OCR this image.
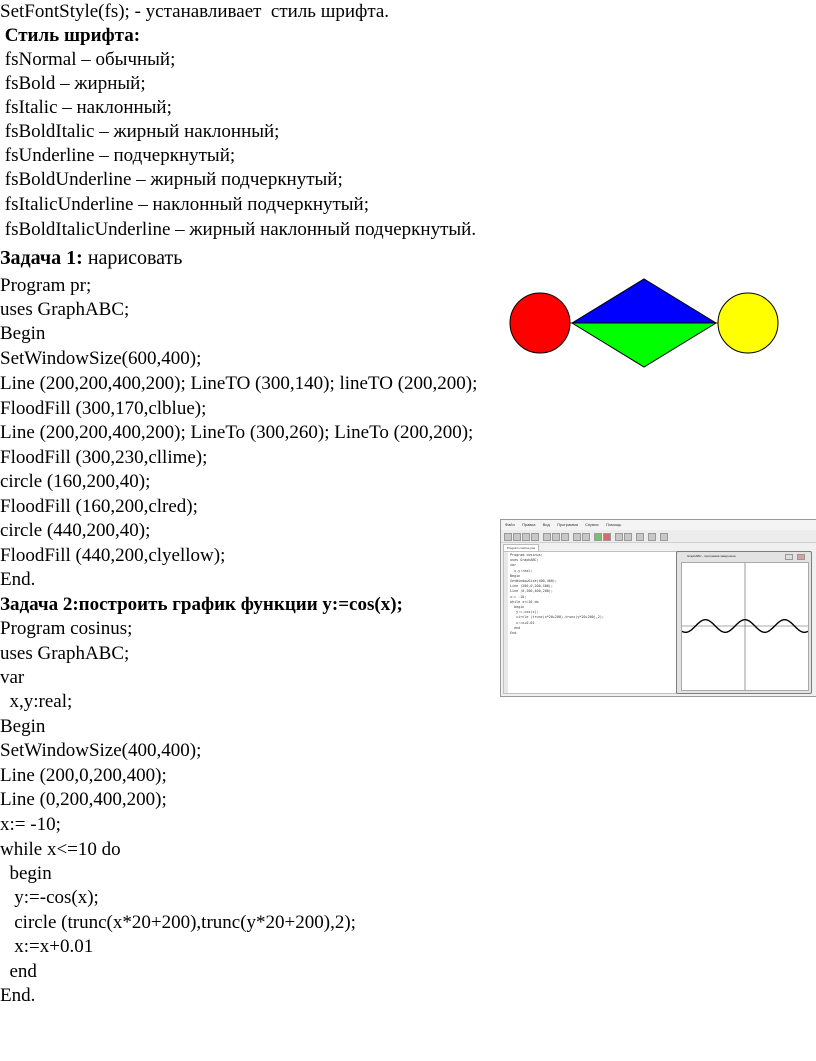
SetFontStyle(fs); - устанавливает  стиль шрифта.
Стиль шрифта:
fsNormal – обычный;
fsBold – жирный;
fsItalic – наклонный;
fsBoldItalic – жирный наклонный;
fsUnderline – подчеркнутый;
fsBoldUnderline – жирный подчеркнутый;
fsItalicUnderline – наклонный подчеркнутый;
fsBoldItalicUnderline – жирный наклонный подчеркнутый.
Задача 1: нарисовать
Program pr;
uses GraphABC;
Begin
SetWindowSize(600,400);
Line (200,200,400,200); LineTO (300,140); lineTO (200,200);
FloodFill (300,170,clblue);
Line (200,200,400,200); LineTo (300,260); LineTo (200,200);
FloodFill (300,230,cllime);
circle (160,200,40);
FloodFill (160,200,clred);
circle (440,200,40);
FloodFill (440,200,clyellow);
End.
Задача 2:построить график функции y:=cos(x);
Program cosinus;
uses GraphABC;
var
x,y:real;
Begin
SetWindowSize(400,400);
Line (200,0,200,400);
Line (0,200,400,200);
x:= -10;
while x<=10 do
begin
y:=-cos(x);
circle (trunc(x*20+200),trunc(y*20+200),2);
x:=x+0.01
end
End.
Файл Правка Вид Программа Сервис Помощь
Program cosinus.pas
Program cosinus;
uses GraphABC;
var
x,y:real;
Begin
SetWindowSize(400,400);
Line (200,0,200,400);
Line (0,200,400,200);
x:= -10;
while x<=10 do
begin
y:=-cos(x);
circle (trunc(x*20+200),trunc(y*20+200),2);
x:=x+0.01
end
End.
GraphABC - программа завершена
